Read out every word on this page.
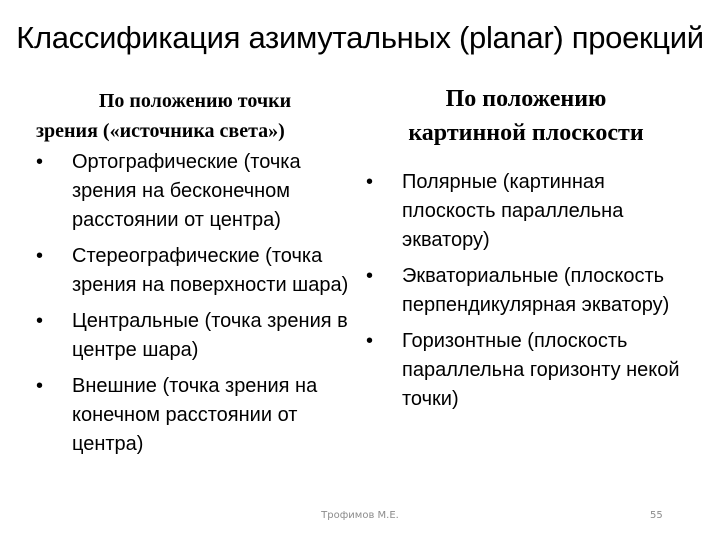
Классификация азимутальных (planar) проекций
По положению точки
зрения («источника света»)
• Ортографические (точка зрения на бесконечном расстоянии от центра)
• Стереографические (точка зрения на поверхности шара)
• Центральные (точка зрения в центре шара)
• Внешние (точка зрения на конечном расстоянии от центра)
По положению
картинной плоскости
• Полярные (картинная плоскость параллельна экватору)
• Экваториальные (плоскость перпендикулярная экватору)
• Горизонтные (плоскость параллельна горизонту некой точки)
Трофимов М.Е.	55
